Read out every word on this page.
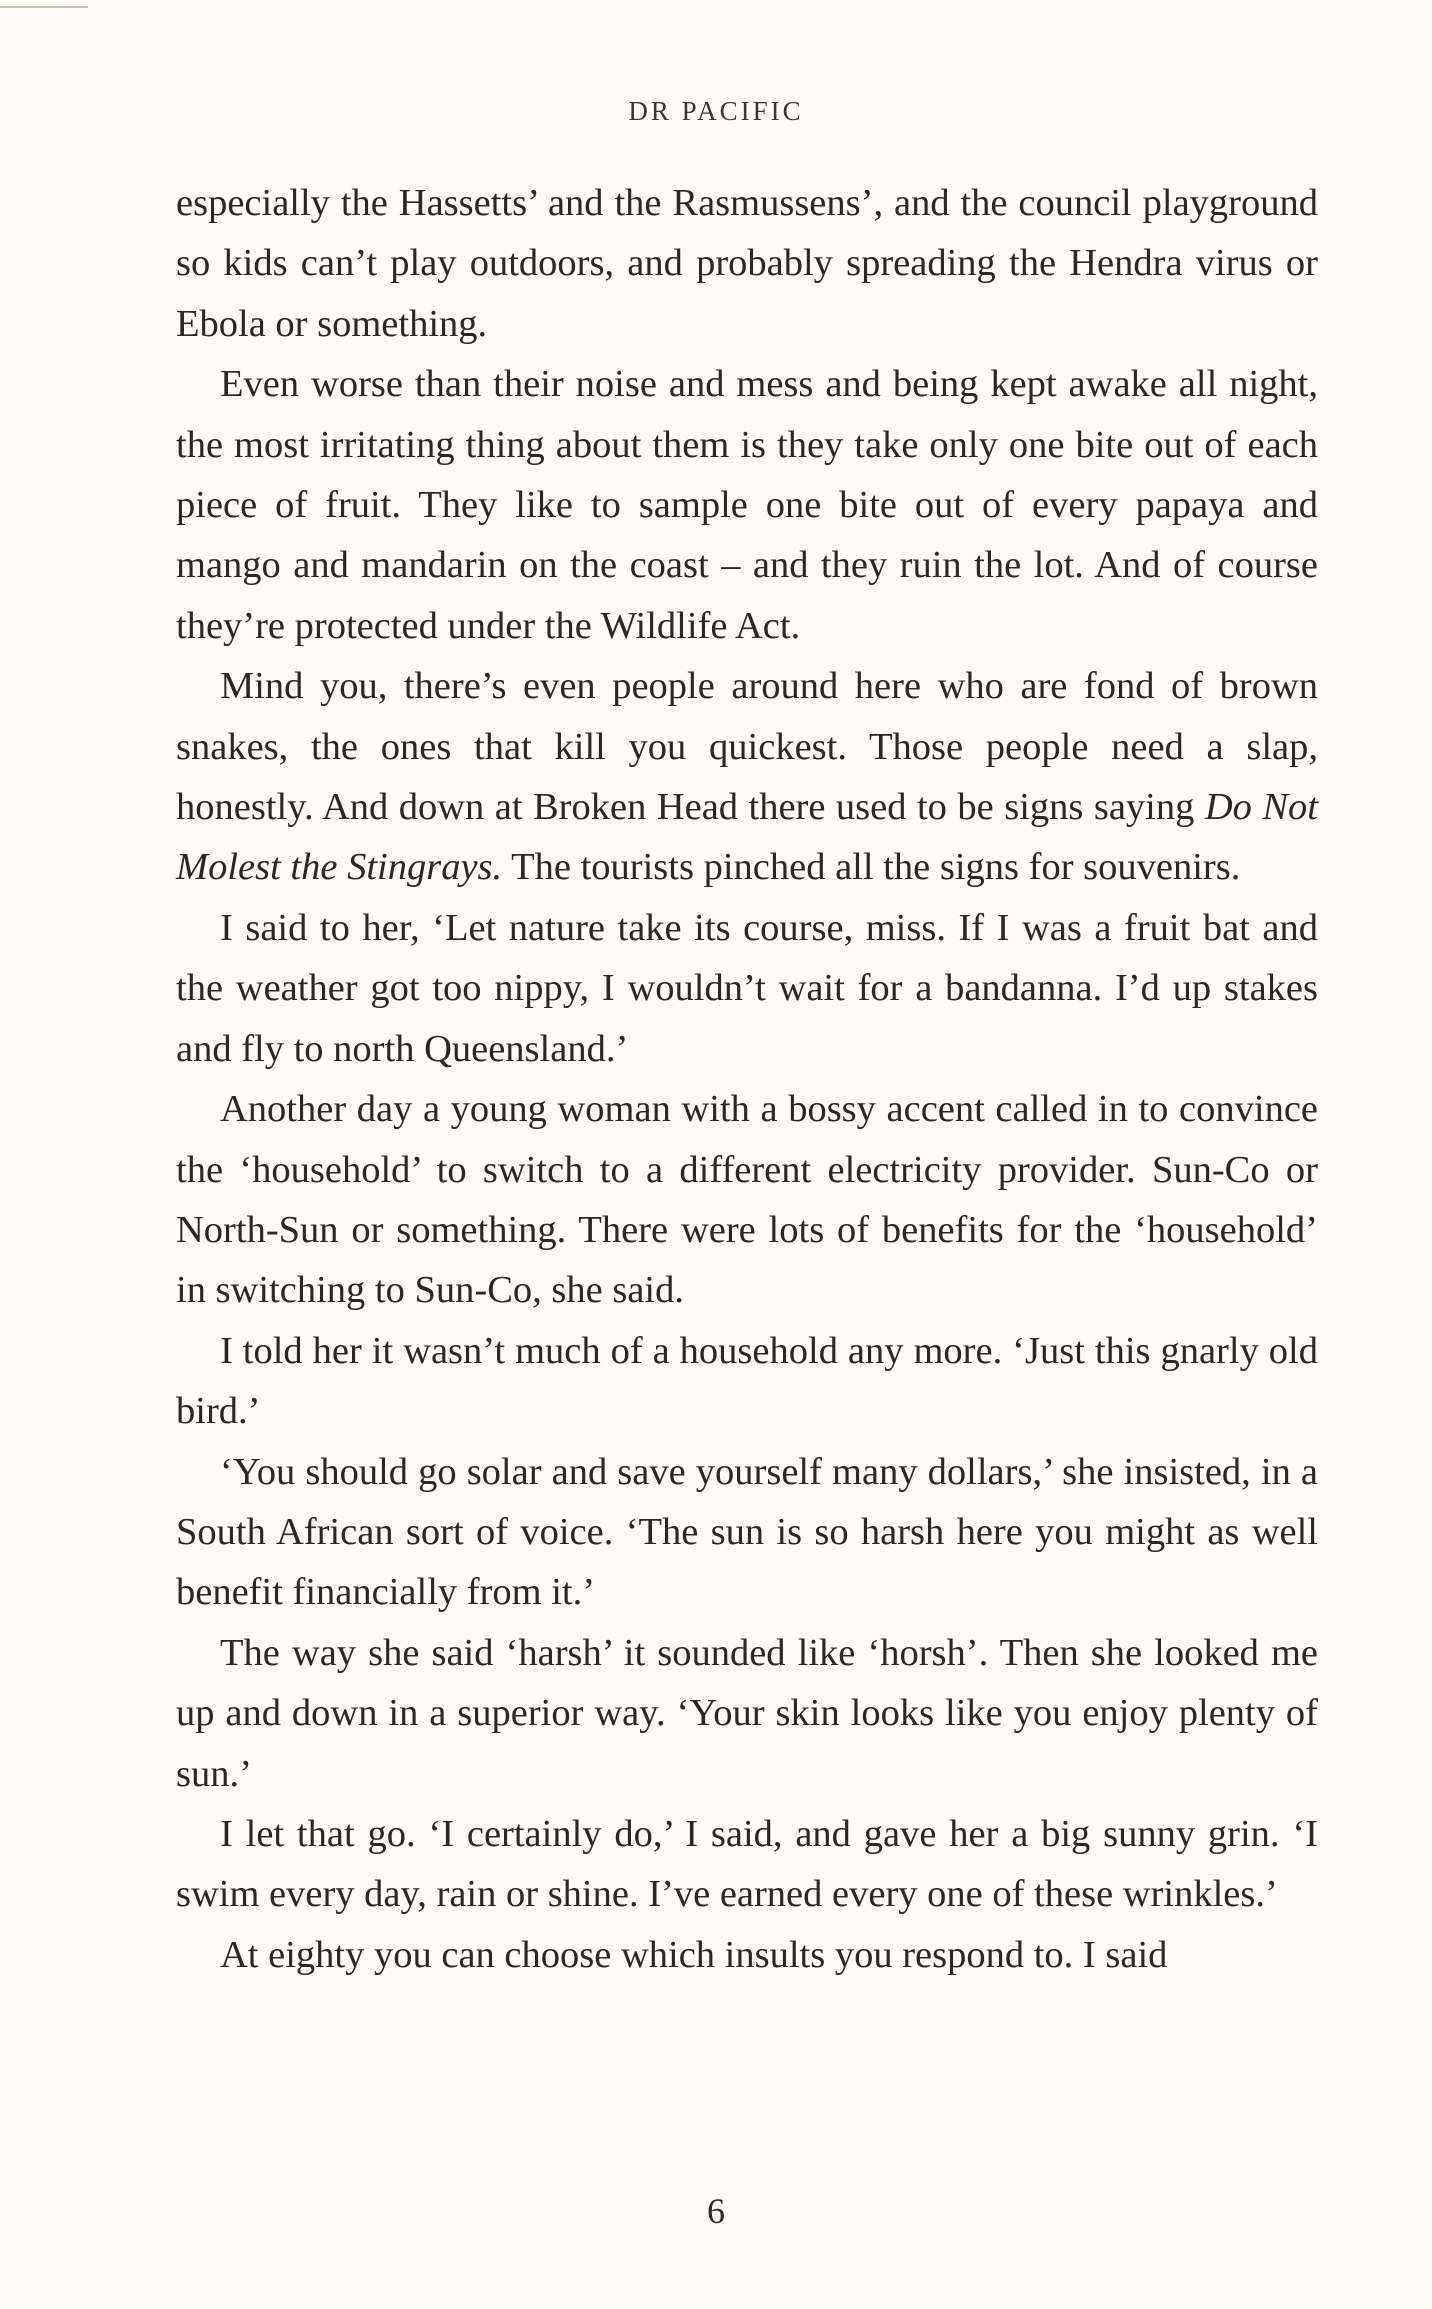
DR PACIFIC

especially the Hassetts’ and the Rasmussens’, and the council playground so kids can’t play outdoors, and probably spreading the Hendra virus or Ebola or something.

Even worse than their noise and mess and being kept awake all night, the most irritating thing about them is they take only one bite out of each piece of fruit. They like to sample one bite out of every papaya and mango and mandarin on the coast – and they ruin the lot. And of course they’re protected under the Wildlife Act.

Mind you, there’s even people around here who are fond of brown snakes, the ones that kill you quickest. Those people need a slap, honestly. And down at Broken Head there used to be signs saying Do Not Molest the Stingrays. The tourists pinched all the signs for souvenirs.

I said to her, ‘Let nature take its course, miss. If I was a fruit bat and the weather got too nippy, I wouldn’t wait for a bandanna. I’d up stakes and fly to north Queensland.’

Another day a young woman with a bossy accent called in to convince the ‘household’ to switch to a different electricity provider. Sun-Co or North-Sun or something. There were lots of benefits for the ‘household’ in switching to Sun-Co, she said.

I told her it wasn’t much of a household any more. ‘Just this gnarly old bird.’

‘You should go solar and save yourself many dollars,’ she insisted, in a South African sort of voice. ‘The sun is so harsh here you might as well benefit financially from it.’

The way she said ‘harsh’ it sounded like ‘horsh’. Then she looked me up and down in a superior way. ‘Your skin looks like you enjoy plenty of sun.’

I let that go. ‘I certainly do,’ I said, and gave her a big sunny grin. ‘I swim every day, rain or shine. I’ve earned every one of these wrinkles.’

At eighty you can choose which insults you respond to. I said

6
